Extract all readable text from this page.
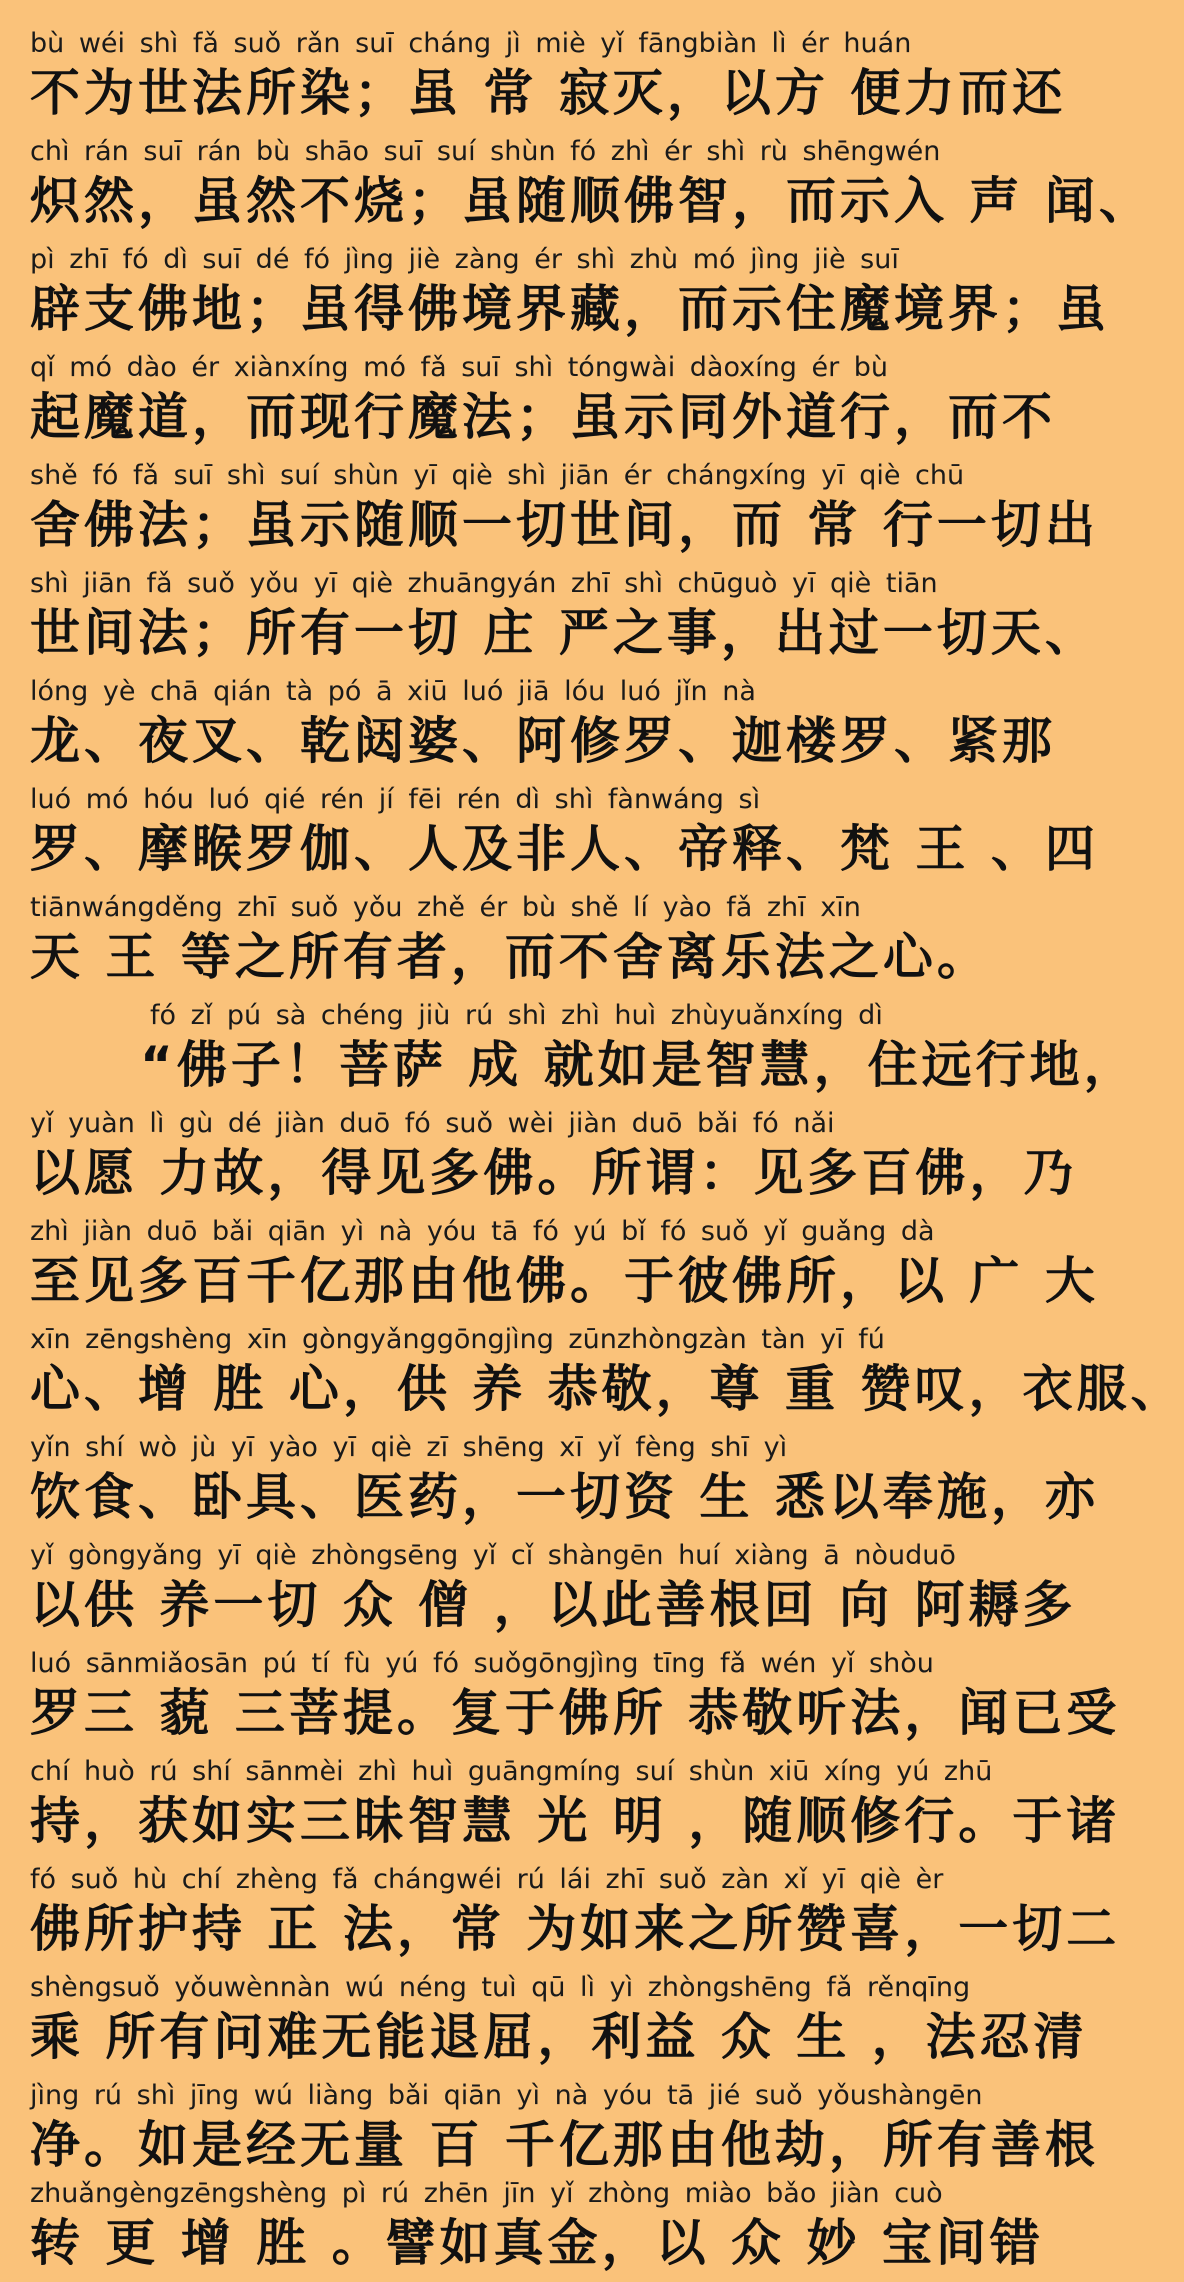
bù wéi shì fǎ suǒ rǎn suī cháng jì miè yǐ fāngbiàn lì ér huán
不为世法所染；虽 常 寂灭，以方 便力而还
chì rán suī rán bù shāo suī suí shùn fó zhì ér shì rù shēngwén
炽然，虽然不烧；虽随顺佛智，而示入 声 闻、
pì zhī fó dì suī dé fó jìng jiè zàng ér shì zhù mó jìng jiè suī
辟支佛地；虽得佛境界藏，而示住魔境界；虽
qǐ mó dào ér xiànxíng mó fǎ suī shì tóngwài dàoxíng ér bù
起魔道，而现行魔法；虽示同外道行，而不
shě fó fǎ suī shì suí shùn yī qiè shì jiān ér chángxíng yī qiè chū
舍佛法；虽示随顺一切世间，而 常 行一切出
shì jiān fǎ suǒ yǒu yī qiè zhuāngyán zhī shì chūguò yī qiè tiān
世间法；所有一切 庄 严之事，出过一切天、
lóng yè chā qián tà pó ā xiū luó jiā lóu luó jǐn nà
龙、夜叉、乾闼婆、阿修罗、迦楼罗、紧那
luó mó hóu luó qié rén jí fēi rén dì shì fànwáng sì
罗、摩睺罗伽、人及非人、帝释、梵 王 、四
tiānwángděng zhī suǒ yǒu zhě ér bù shě lí yào fǎ zhī xīn
天 王 等之所有者，而不舍离乐法之心。
fó zǐ pú sà chéng jiù rú shì zhì huì zhùyuǎnxíng dì
“佛子！菩萨 成 就如是智慧，住远行地，
yǐ yuàn lì gù dé jiàn duō fó suǒ wèi jiàn duō bǎi fó nǎi
以愿 力故，得见多佛。所谓：见多百佛，乃
zhì jiàn duō bǎi qiān yì nà yóu tā fó yú bǐ fó suǒ yǐ guǎng dà
至见多百千亿那由他佛。于彼佛所，以 广 大
xīn zēngshèng xīn gòngyǎnggōngjìng zūnzhòngzàn tàn yī fú
心、增 胜 心，供 养 恭敬，尊 重 赞叹，衣服、
yǐn shí wò jù yī yào yī qiè zī shēng xī yǐ fèng shī yì
饮食、卧具、医药，一切资 生 悉以奉施，亦
yǐ gòngyǎng yī qiè zhòngsēng yǐ cǐ shàngēn huí xiàng ā nòuduō
以供 养一切 众 僧 ，以此善根回 向 阿耨多
luó sānmiǎosān pú tí fù yú fó suǒgōngjìng tīng fǎ wén yǐ shòu
罗三 藐 三菩提。复于佛所 恭敬听法，闻已受
chí huò rú shí sānmèi zhì huì guāngmíng suí shùn xiū xíng yú zhū
持，获如实三昧智慧 光 明 ，随顺修行。于诸
fó suǒ hù chí zhèng fǎ chángwéi rú lái zhī suǒ zàn xǐ yī qiè èr
佛所护持 正 法，常 为如来之所赞喜，一切二
shèngsuǒ yǒuwènnàn wú néng tuì qū lì yì zhòngshēng fǎ rěnqīng
乘 所有问难无能退屈，利益 众 生 ，法忍清
jìng rú shì jīng wú liàng bǎi qiān yì nà yóu tā jié suǒ yǒushàngēn
净。如是经无量 百 千亿那由他劫，所有善根
zhuǎngèngzēngshèng pì rú zhēn jīn yǐ zhòng miào bǎo jiàn cuò
转 更 增 胜 。譬如真金，以 众 妙 宝间错
